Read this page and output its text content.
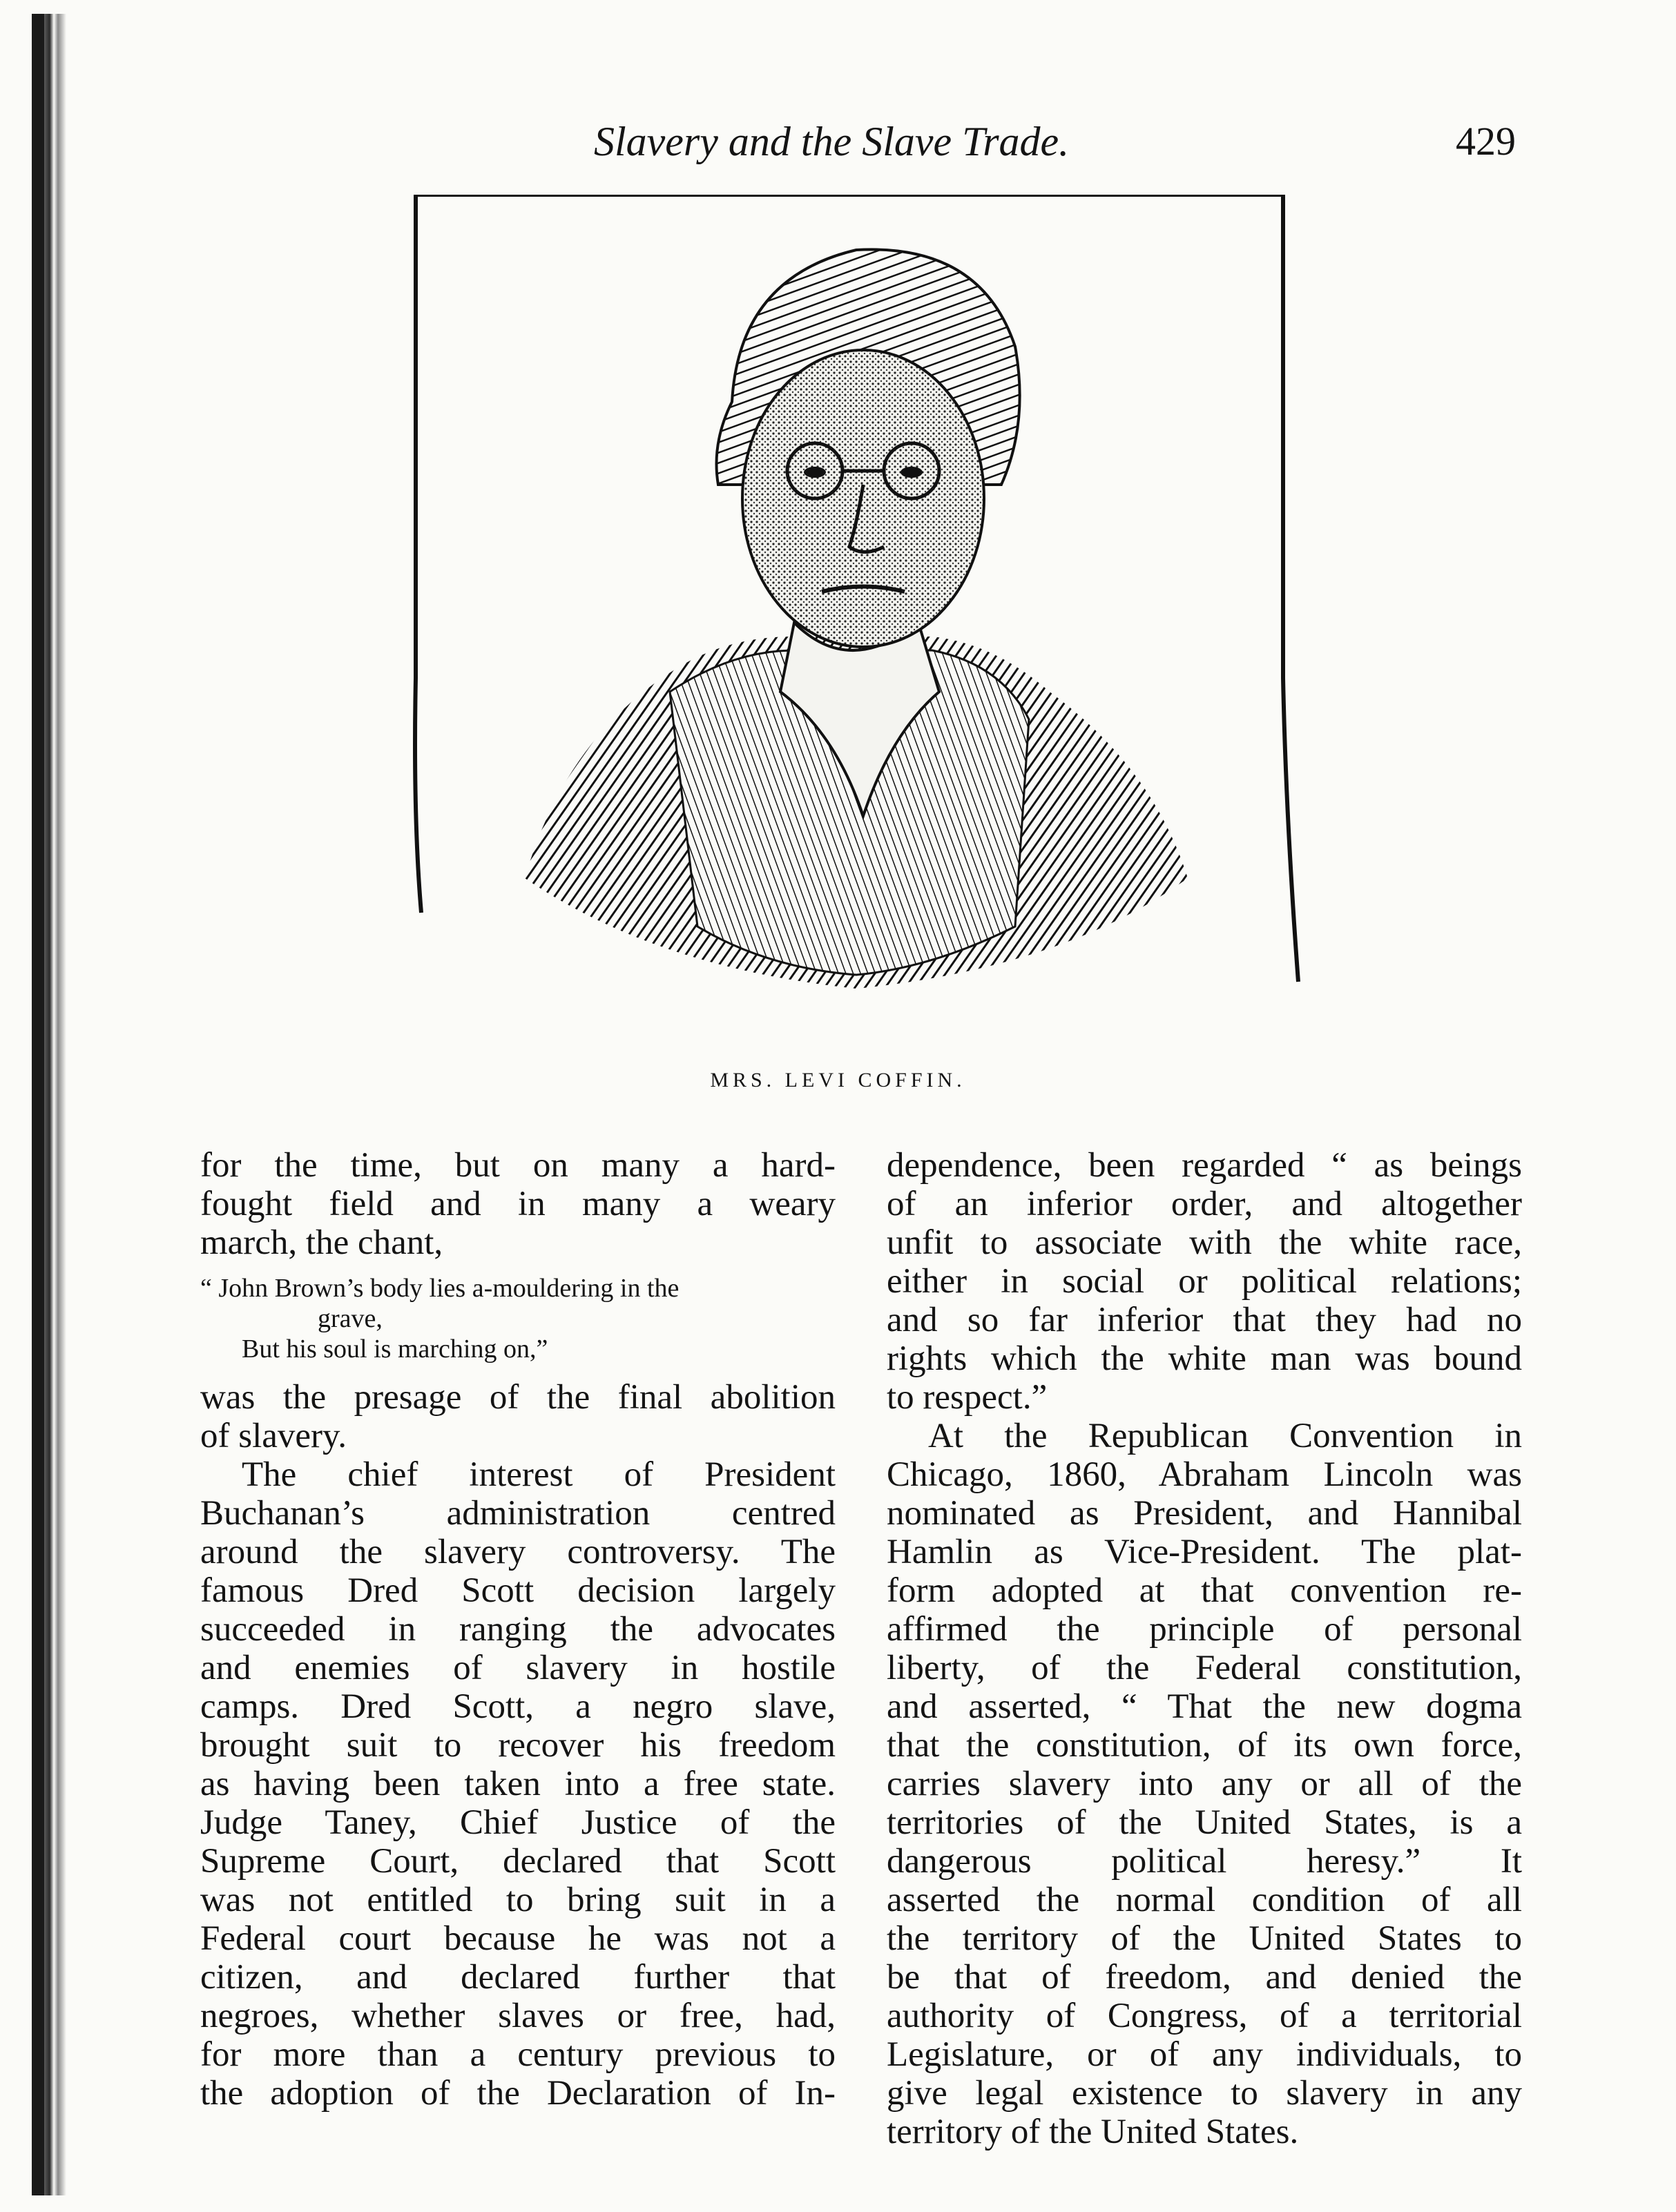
Slavery and the Slave Trade.	429
MRS. LEVI COFFIN.
for the time, but on many a hard-
fought field and in many a weary
march, the chant,
“ John Brown’s body lies a-mouldering in the
grave,
But his soul is marching on,”
was the presage of the final abolition
of slavery.
The chief interest of President
Buchanan’s administration centred
around the slavery controversy. The
famous Dred Scott decision largely
succeeded in ranging the advocates
and enemies of slavery in hostile
camps. Dred Scott, a negro slave,
brought suit to recover his freedom
as having been taken into a free state.
Judge Taney, Chief Justice of the
Supreme Court, declared that Scott
was not entitled to bring suit in a
Federal court because he was not a
citizen, and declared further that
negroes, whether slaves or free, had,
for more than a century previous to
the adoption of the Declaration of In-
dependence, been regarded “ as beings
of an inferior order, and altogether
unfit to associate with the white race,
either in social or political relations;
and so far inferior that they had no
rights which the white man was bound
to respect.”
At the Republican Convention in
Chicago, 1860, Abraham Lincoln was
nominated as President, and Hannibal
Hamlin as Vice-President. The plat-
form adopted at that convention re-
affirmed the principle of personal
liberty, of the Federal constitution,
and asserted, “ That the new dogma
that the constitution, of its own force,
carries slavery into any or all of the
territories of the United States, is a
dangerous political heresy.” It
asserted the normal condition of all
the territory of the United States to
be that of freedom, and denied the
authority of Congress, of a territorial
Legislature, or of any individuals, to
give legal existence to slavery in any
territory of the United States.
